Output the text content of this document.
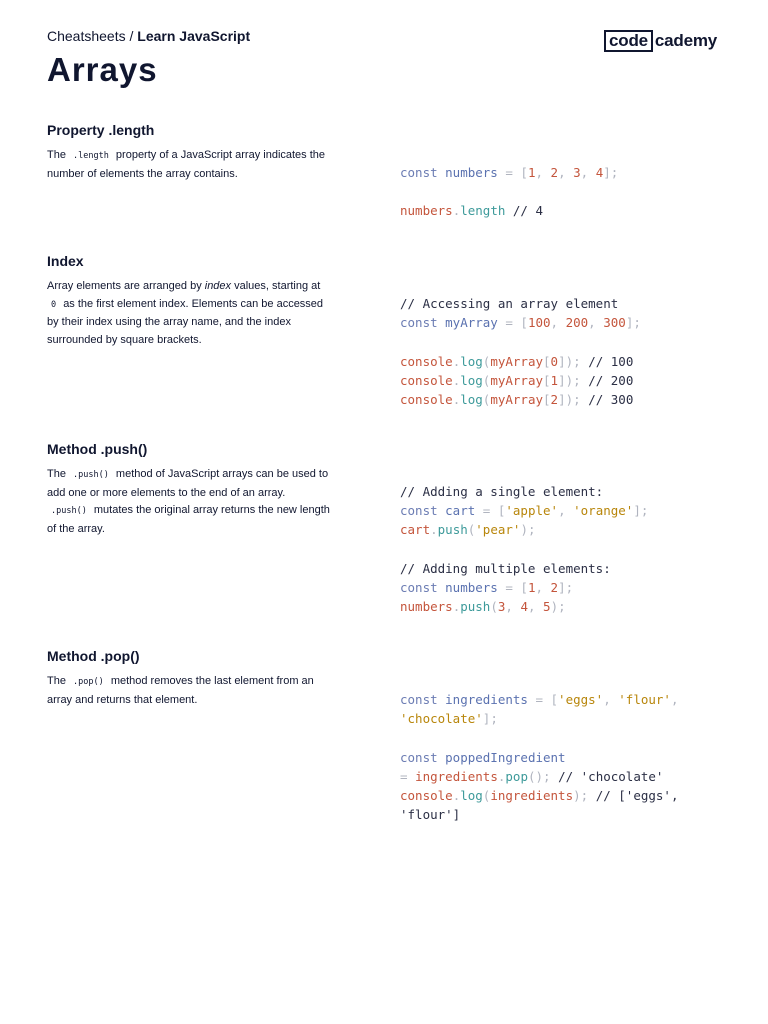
Cheatsheets / Learn JavaScript
Arrays
code cademy
Property .length
The .length property of a JavaScript array indicates the number of elements the array contains.	const numbers = [1, 2, 3, 4];
numbers.length // 4
Index
Array elements are arranged by index values, starting at 0 as the first element index. Elements can be accessed by their index using the array name, and the index surrounded by square brackets.
// Accessing an array element
const myArray = [100, 200, 300];
console.log(myArray[0]); // 100
console.log(myArray[1]); // 200
console.log(myArray[2]); // 300
Method .push()
The .push() method of JavaScript arrays can be used to add one or more elements to the end of an array. .push() mutates the original array returns the new length of the array.
// Adding a single element:
const cart = ['apple', 'orange'];
cart.push('pear');
// Adding multiple elements:
const numbers = [1, 2];
numbers.push(3, 4, 5);
Method .pop()
The .pop() method removes the last element from an array and returns that element.	const ingredients = ['eggs', 'flour',
'chocolate'];
const poppedIngredient
= ingredients.pop(); // 'chocolate'
console.log(ingredients); // ['eggs',
'flour']
